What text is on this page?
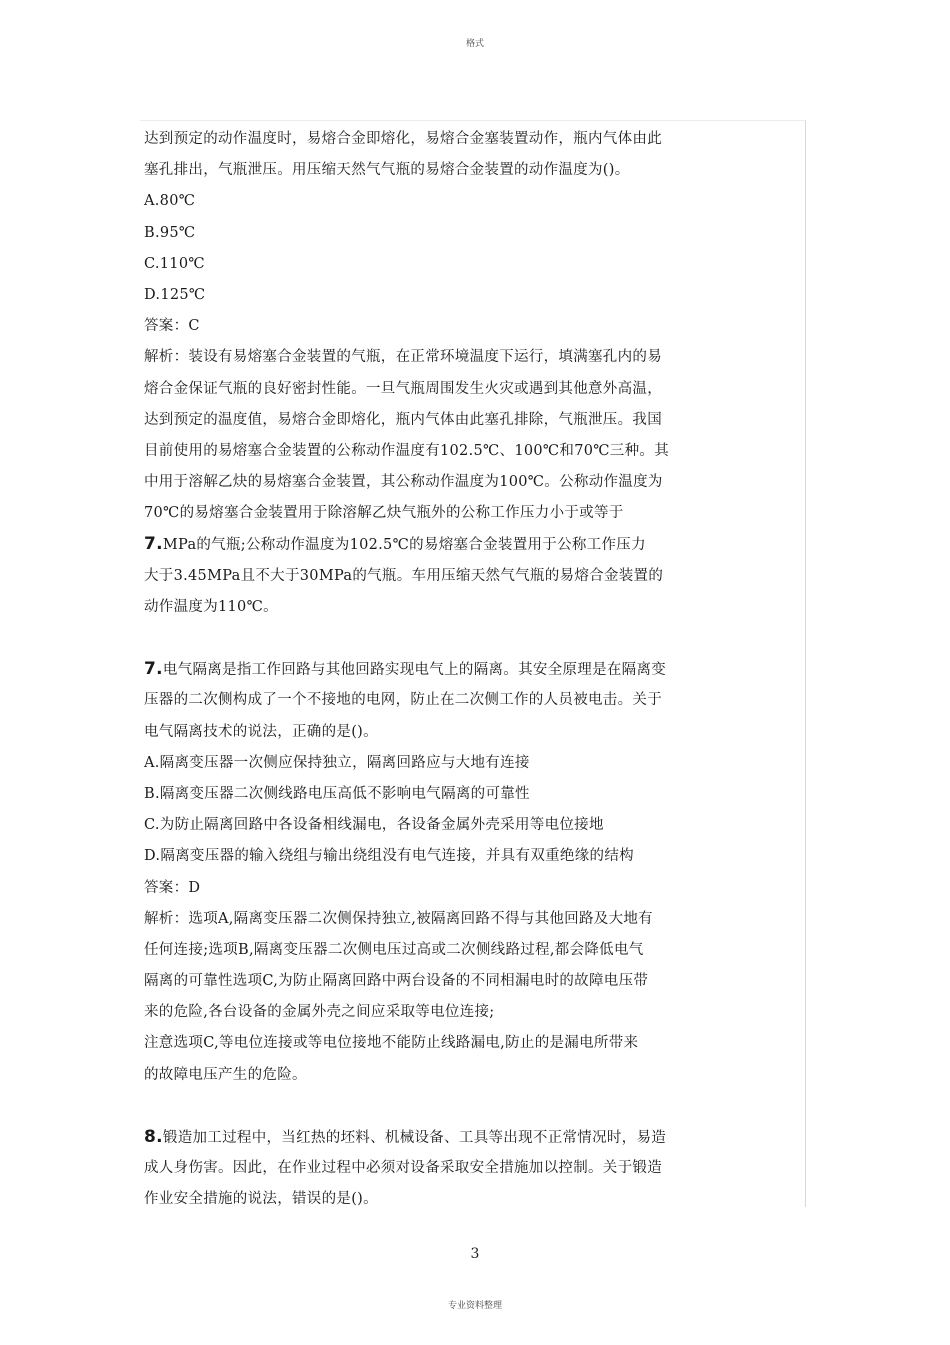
格式
达到预定的动作温度时，易熔合金即熔化，易熔合金塞装置动作，瓶内气体由此
塞孔排出，气瓶泄压。用压缩天然气气瓶的易熔合金装置的动作温度为()。
A.80℃
B.95℃
C.110℃
D.125℃
答案：C
解析：装设有易熔塞合金装置的气瓶，在正常环境温度下运行，填满塞孔内的易
熔合金保证气瓶的良好密封性能。一旦气瓶周围发生火灾或遇到其他意外高温，
达到预定的温度值，易熔合金即熔化，瓶内气体由此塞孔排除，气瓶泄压。我国
目前使用的易熔塞合金装置的公称动作温度有102.5℃、100℃和70℃三种。其
中用于溶解乙炔的易熔塞合金装置，其公称动作温度为100℃。公称动作温度为
70℃的易熔塞合金装置用于除溶解乙炔气瓶外的公称工作压力小于或等于
7.MPa的气瓶;公称动作温度为102.5℃的易熔塞合金装置用于公称工作压力
大于3.45MPa且不大于30MPa的气瓶。车用压缩天然气气瓶的易熔合金装置的
动作温度为110℃。
7.电气隔离是指工作回路与其他回路实现电气上的隔离。其安全原理是在隔离变
压器的二次侧构成了一个不接地的电网，防止在二次侧工作的人员被电击。关于
电气隔离技术的说法，正确的是()。
A.隔离变压器一次侧应保持独立，隔离回路应与大地有连接
B.隔离变压器二次侧线路电压高低不影响电气隔离的可靠性
C.为防止隔离回路中各设备相线漏电，各设备金属外壳采用等电位接地
D.隔离变压器的输入绕组与输出绕组没有电气连接，并具有双重绝缘的结构
答案：D
解析：选项A,隔离变压器二次侧保持独立,被隔离回路不得与其他回路及大地有
任何连接;选项B,隔离变压器二次侧电压过高或二次侧线路过程,都会降低电气
隔离的可靠性选项C,为防止隔离回路中两台设备的不同相漏电时的故障电压带
来的危险,各台设备的金属外壳之间应采取等电位连接;
注意选项C,等电位连接或等电位接地不能防止线路漏电,防止的是漏电所带来
的故障电压产生的危险。
8.锻造加工过程中，当红热的坯料、机械设备、工具等出现不正常情况时，易造
成人身伤害。因此，在作业过程中必须对设备采取安全措施加以控制。关于锻造
作业安全措施的说法，错误的是()。
3
专业资料整理
